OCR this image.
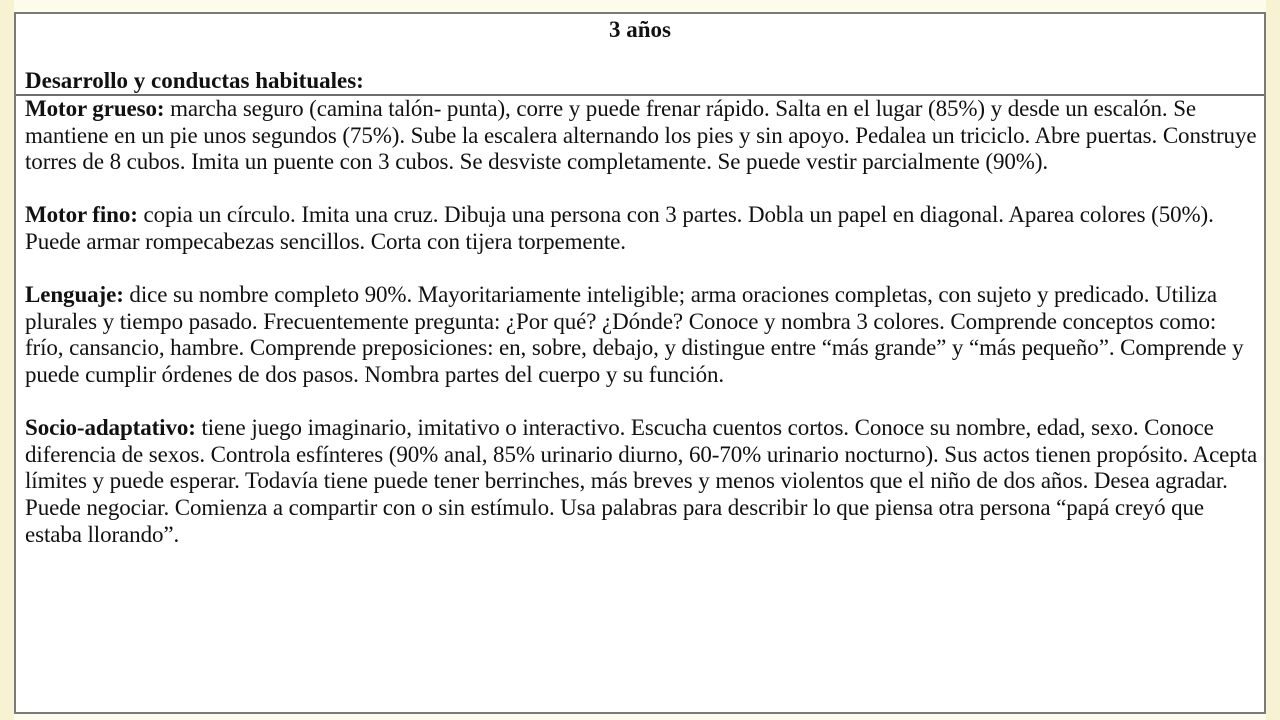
3 años
Desarrollo y conductas habituales:

Motor grueso: marcha seguro (camina talón- punta), corre y puede frenar rápido. Salta en el lugar (85%) y desde un escalón. Se mantiene en un pie unos segundos (75%). Sube la escalera alternando los pies y sin apoyo. Pedalea un triciclo. Abre puertas. Construye torres de 8 cubos. Imita un puente con 3 cubos. Se desviste completamente. Se puede vestir parcialmente (90%).

Motor fino: copia un círculo. Imita una cruz. Dibuja una persona con 3 partes. Dobla un papel en diagonal. Aparea colores (50%). Puede armar rompecabezas sencillos. Corta con tijera torpemente.

Lenguaje: dice su nombre completo 90%. Mayoritariamente inteligible; arma oraciones completas, con sujeto y predicado. Utiliza plurales y tiempo pasado. Frecuentemente pregunta: ¿Por qué? ¿Dónde? Conoce y nombra 3 colores. Comprende conceptos como: frío, cansancio, hambre. Comprende preposiciones: en, sobre, debajo, y distingue entre “más grande” y “más pequeño”. Comprende y puede cumplir órdenes de dos pasos. Nombra partes del cuerpo y su función.

Socio-adaptativo: tiene juego imaginario, imitativo o interactivo. Escucha cuentos cortos. Conoce su nombre, edad, sexo. Conoce diferencia de sexos. Controla esfínteres (90% anal, 85% urinario diurno, 60-70% urinario nocturno). Sus actos tienen propósito. Acepta límites y puede esperar. Todavía tiene puede tener berrinches, más breves y menos violentos que el niño de dos años. Desea agradar. Puede negociar. Comienza a compartir con o sin estímulo. Usa palabras para describir lo que piensa otra persona “papá creyó que estaba llorando”.
